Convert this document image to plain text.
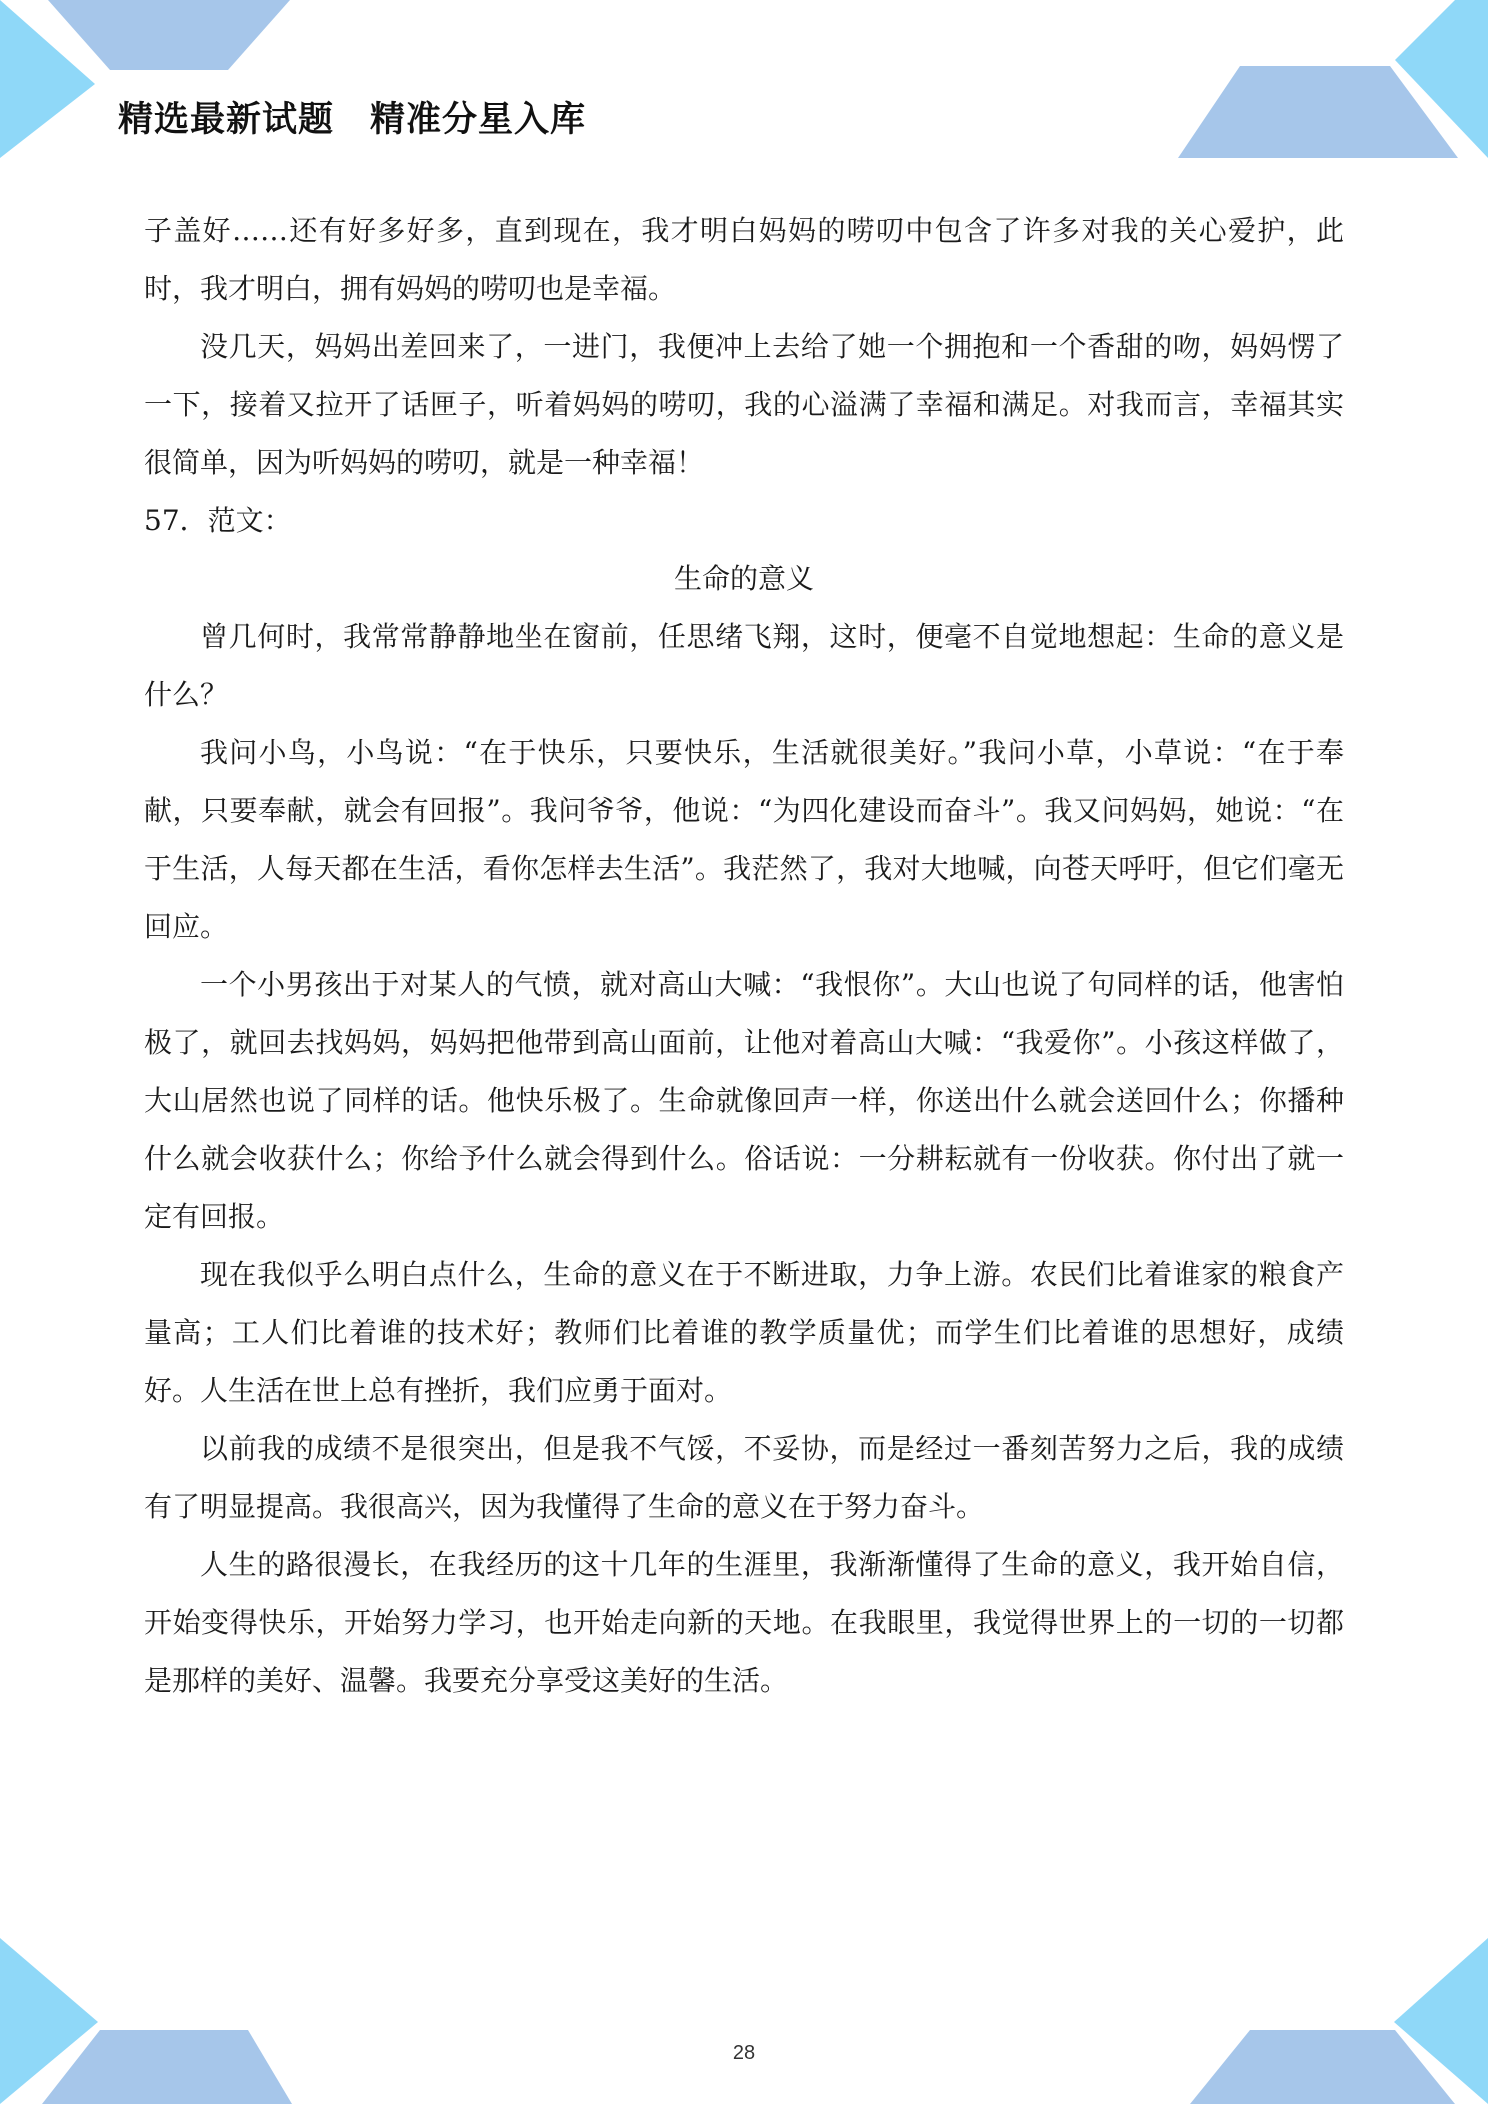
精选最新试题　精准分星入库

子盖好……还有好多好多，直到现在，我才明白妈妈的唠叨中包含了许多对我的关心爱护，此时，我才明白，拥有妈妈的唠叨也是幸福。

没几天，妈妈出差回来了，一进门，我便冲上去给了她一个拥抱和一个香甜的吻，妈妈愣了一下，接着又拉开了话匣子，听着妈妈的唠叨，我的心溢满了幸福和满足。对我而言，幸福其实很简单，因为听妈妈的唠叨，就是一种幸福！

57．范文：

生命的意义

曾几何时，我常常静静地坐在窗前，任思绪飞翔，这时，便毫不自觉地想起：生命的意义是什么？

我问小鸟，小鸟说：“在于快乐，只要快乐，生活就很美好。”我问小草，小草说：“在于奉献，只要奉献，就会有回报”。我问爷爷，他说：“为四化建设而奋斗”。我又问妈妈，她说：“在于生活，人每天都在生活，看你怎样去生活”。我茫然了，我对大地喊，向苍天呼吁，但它们毫无回应。

一个小男孩出于对某人的气愤，就对高山大喊：“我恨你”。大山也说了句同样的话，他害怕极了，就回去找妈妈，妈妈把他带到高山面前，让他对着高山大喊：“我爱你”。小孩这样做了，大山居然也说了同样的话。他快乐极了。生命就像回声一样，你送出什么就会送回什么；你播种什么就会收获什么；你给予什么就会得到什么。俗话说：一分耕耘就有一份收获。你付出了就一定有回报。

现在我似乎么明白点什么，生命的意义在于不断进取，力争上游。农民们比着谁家的粮食产量高；工人们比着谁的技术好；教师们比着谁的教学质量优；而学生们比着谁的思想好，成绩好。人生活在世上总有挫折，我们应勇于面对。

以前我的成绩不是很突出，但是我不气馁，不妥协，而是经过一番刻苦努力之后，我的成绩有了明显提高。我很高兴，因为我懂得了生命的意义在于努力奋斗。

人生的路很漫长，在我经历的这十几年的生涯里，我渐渐懂得了生命的意义，我开始自信，开始变得快乐，开始努力学习，也开始走向新的天地。在我眼里，我觉得世界上的一切的一切都是那样的美好、温馨。我要充分享受这美好的生活。

28
